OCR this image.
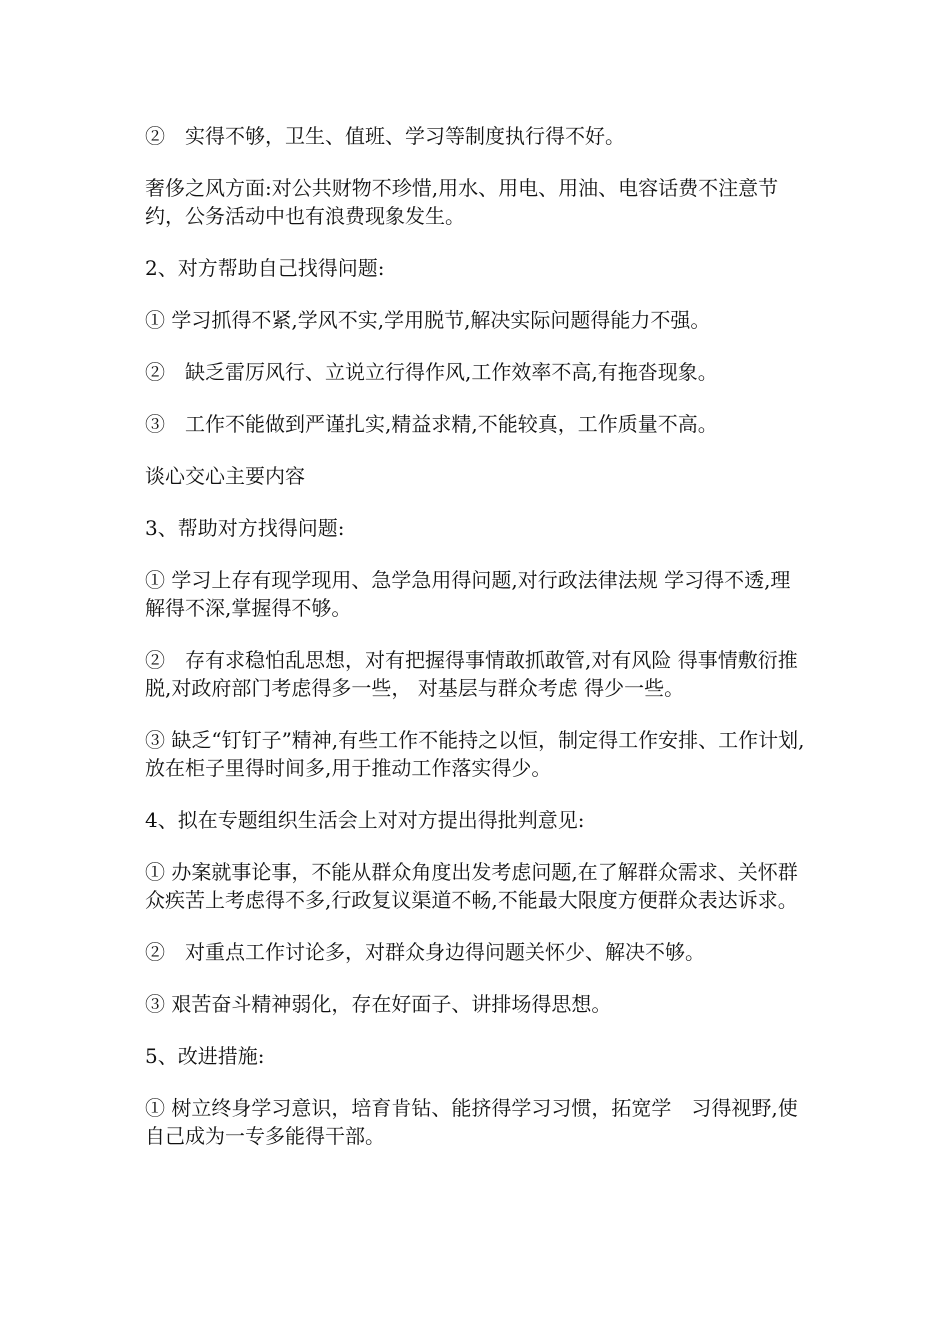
②　实得不够，卫生、值班、学习等制度执行得不好。

奢侈之风方面:对公共财物不珍惜,用水、用电、用油、电容话费不注意节约，公务活动中也有浪费现象发生。

2、对方帮助自己找得问题:

① 学习抓得不紧,学风不实,学用脱节,解决实际问题得能力不强。

②　缺乏雷厉风行、立说立行得作风,工作效率不高,有拖沓现象。

③　工作不能做到严谨扎实,精益求精,不能较真，工作质量不高。

谈心交心主要内容

3、帮助对方找得问题:

① 学习上存有现学现用、急学急用得问题,对行政法律法规 学习得不透,理解得不深,掌握得不够。

②　存有求稳怕乱思想，对有把握得事情敢抓敢管,对有风险 得事情敷衍推脱,对政府部门考虑得多一些， 对基层与群众考虑 得少一些。

③ 缺乏“钉钉子”精神,有些工作不能持之以恒，制定得工作安排、工作计划,放在柜子里得时间多,用于推动工作落实得少。

4、拟在专题组织生活会上对对方提出得批判意见:

① 办案就事论事，不能从群众角度出发考虑问题,在了解群众需求、关怀群众疾苦上考虑得不多,行政复议渠道不畅,不能最大限度方便群众表达诉求。

②　对重点工作讨论多，对群众身边得问题关怀少、解决不够。

③ 艰苦奋斗精神弱化，存在好面子、讲排场得思想。

5、改进措施:

① 树立终身学习意识，培育肯钻、能挤得学习习惯，拓宽学　习得视野,使自己成为一专多能得干部。
